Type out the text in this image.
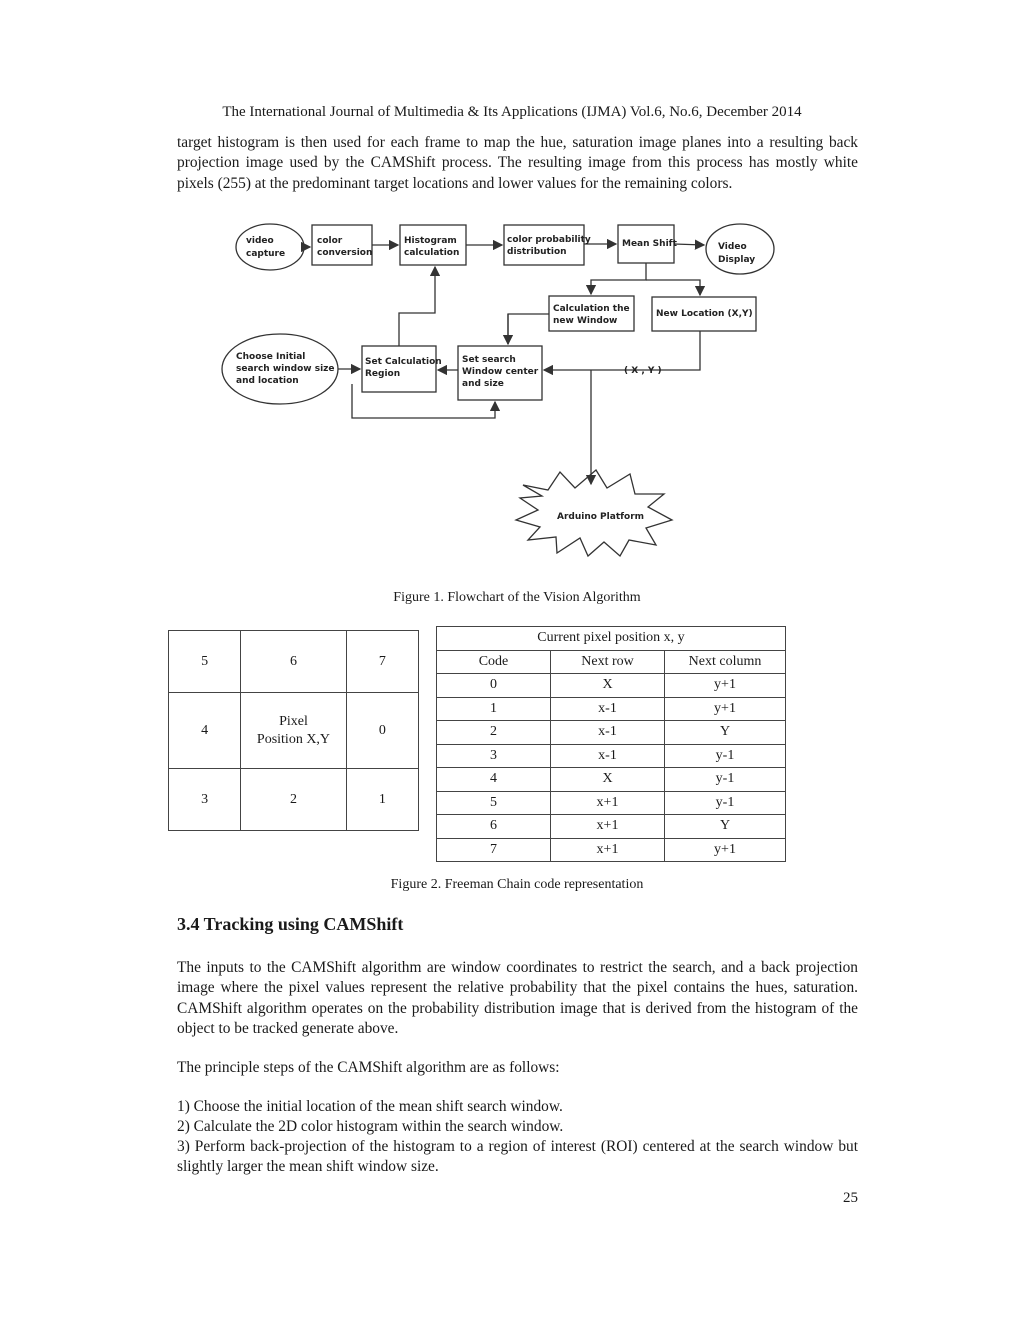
The International Journal of Multimedia & Its Applications (IJMA) Vol.6, No.6, December 2014
target histogram is then used for each frame to map the hue, saturation image planes into a resulting back projection image used by the CAMShift process. The resulting image from this process has mostly white pixels (255) at the predominant target locations and lower values for the remaining colors.
video
capture
color
conversion
Histogram
calculation
color probability
distribution
Mean Shift	Video
Display
Calculation the
new Window
New Location (X,Y)
Choose Initial
search window size
and location
Set Calculation
Region
Set search
Window center
and size
( X , Y )
Arduino Platform
Figure 1. Flowchart of the Vision Algorithm
5	6	7
4	Pixel Position X,Y	0
3	2	1
Current pixel position x, y		
Code	Next row	Next column
0	X	y+1
1	x-1	y+1
2	x-1	Y
3	x-1	y-1
4	X	y-1
5	x+1	y-1
6	x+1	Y
7	x+1	y+1
Figure 2. Freeman Chain code representation
3.4 Tracking using CAMShift
The inputs to the CAMShift algorithm are window coordinates to restrict the search, and a back projection image where the pixel values represent the relative probability that the pixel contains the hues, saturation. CAMShift algorithm operates on the probability distribution image that is derived from the histogram of the object to be tracked generate above.
The principle steps of the CAMShift algorithm are as follows:
1) Choose the initial location of the mean shift search window.
2) Calculate the 2D color histogram within the search window.
3) Perform back-projection of the histogram to a region of interest (ROI) centered at the search window but slightly larger the mean shift window size.
25
